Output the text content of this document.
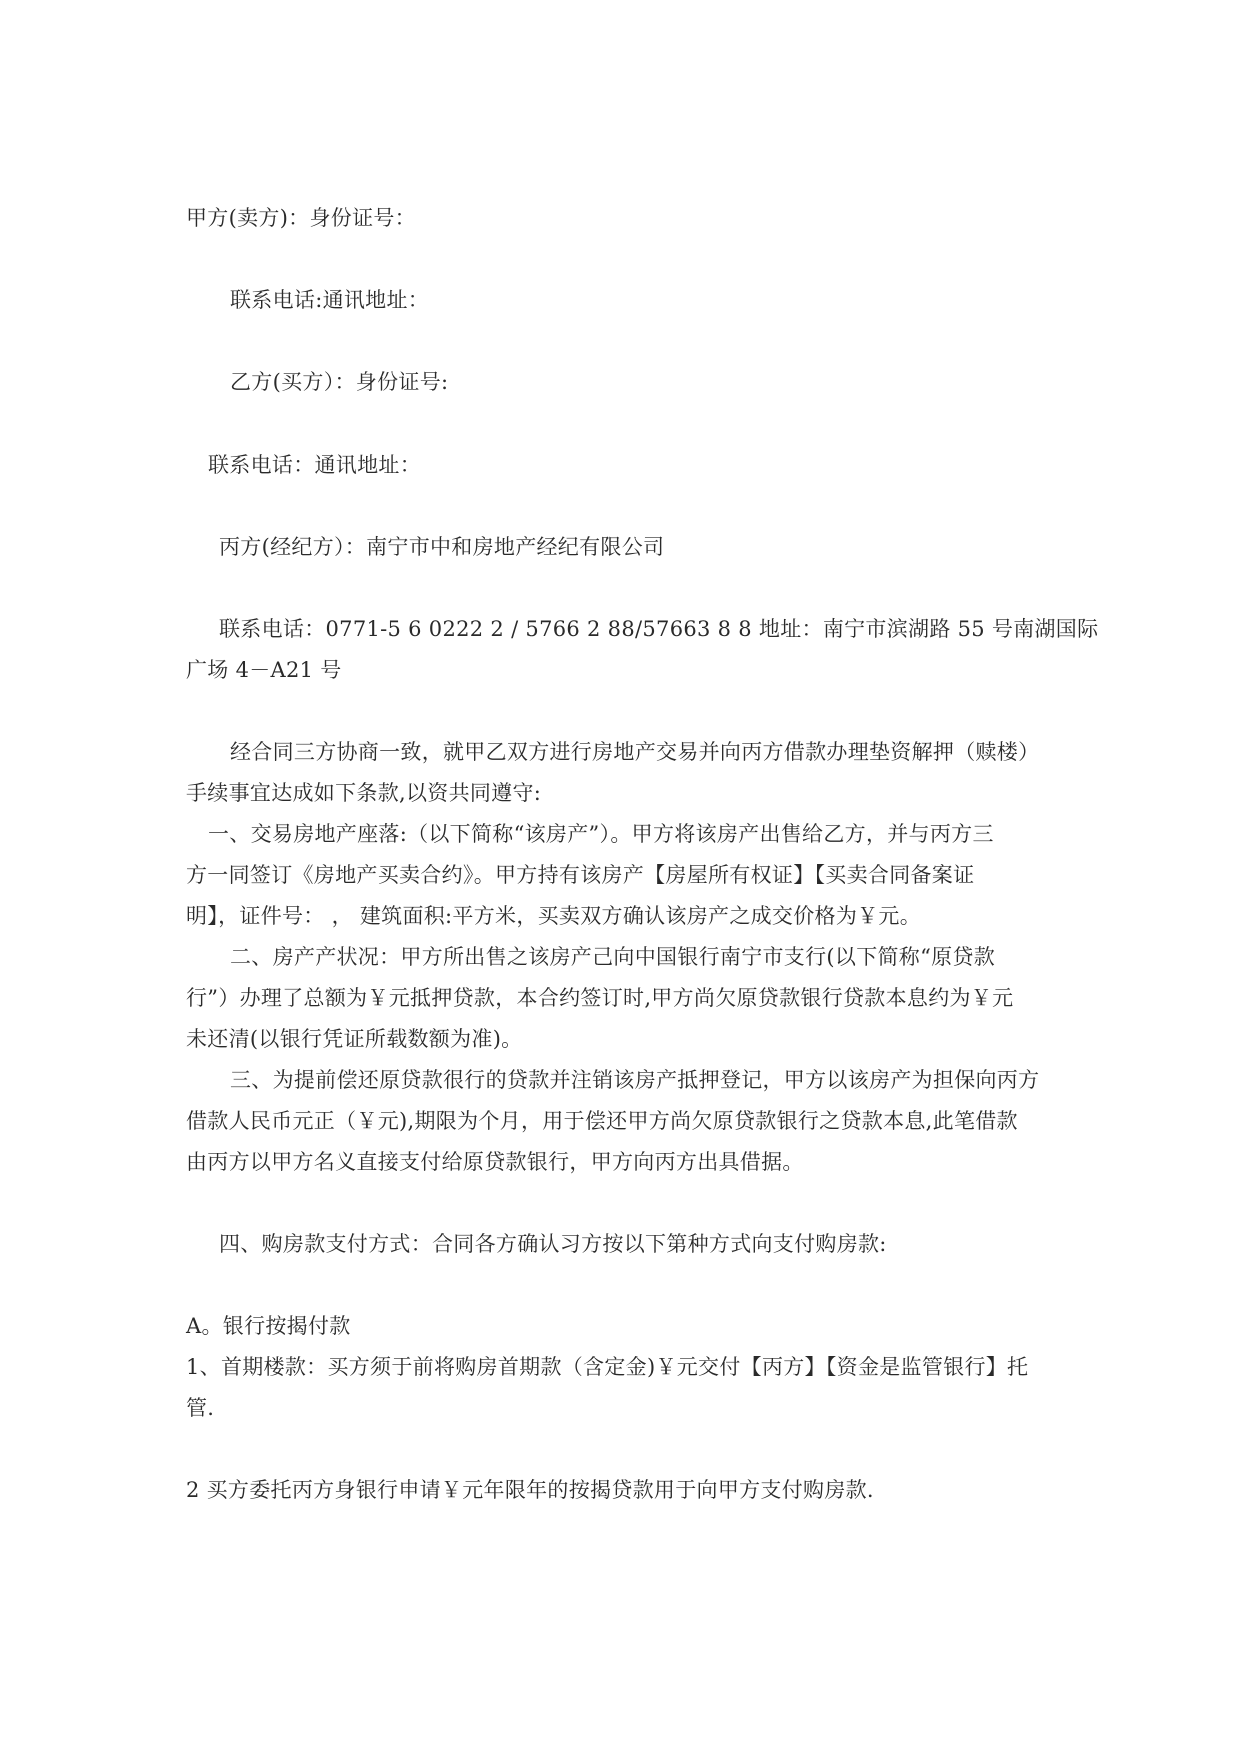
甲方(卖方)：身份证号：
联系电话:通讯地址：
乙方(买方）：身份证号:
联系电话：通讯地址：
丙方(经纪方）：南宁市中和房地产经纪有限公司
联系电话：0771-5 6 0222 2 / 5766 2 88/57663 8 8 地址：南宁市滨湖路 55 号南湖国际
广场 4－A21 号
经合同三方协商一致，就甲乙双方进行房地产交易并向丙方借款办理垫资解押（赎楼）
手续事宜达成如下条款,以资共同遵守:
一、交易房地产座落:（以下简称“该房产”）。甲方将该房产出售给乙方，并与丙方三
方一同签订《房地产买卖合约》。甲方持有该房产【房屋所有权证】【买卖合同备案证
明】，证件号： ， 建筑面积:平方米，买卖双方确认该房产之成交价格为￥元。
二、房产产状况：甲方所出售之该房产己向中国银行南宁市支行(以下简称“原贷款
行”）办理了总额为￥元抵押贷款，本合约签订时,甲方尚欠原贷款银行贷款本息约为￥元
未还清(以银行凭证所载数额为准)。
三、为提前偿还原贷款很行的贷款并注销该房产抵押登记，甲方以该房产为担保向丙方
借款人民币元正（￥元),期限为个月，用于偿还甲方尚欠原贷款银行之贷款本息,此笔借款
由丙方以甲方名义直接支付给原贷款银行，甲方向丙方出具借据。
四、购房款支付方式：合同各方确认习方按以下第种方式向支付购房款:
A。银行按揭付款
1、首期楼款：买方须于前将购房首期款（含定金)￥元交付【丙方】【资金是监管银行】托
管.
2 买方委托丙方身银行申请￥元年限年的按揭贷款用于向甲方支付购房款.
